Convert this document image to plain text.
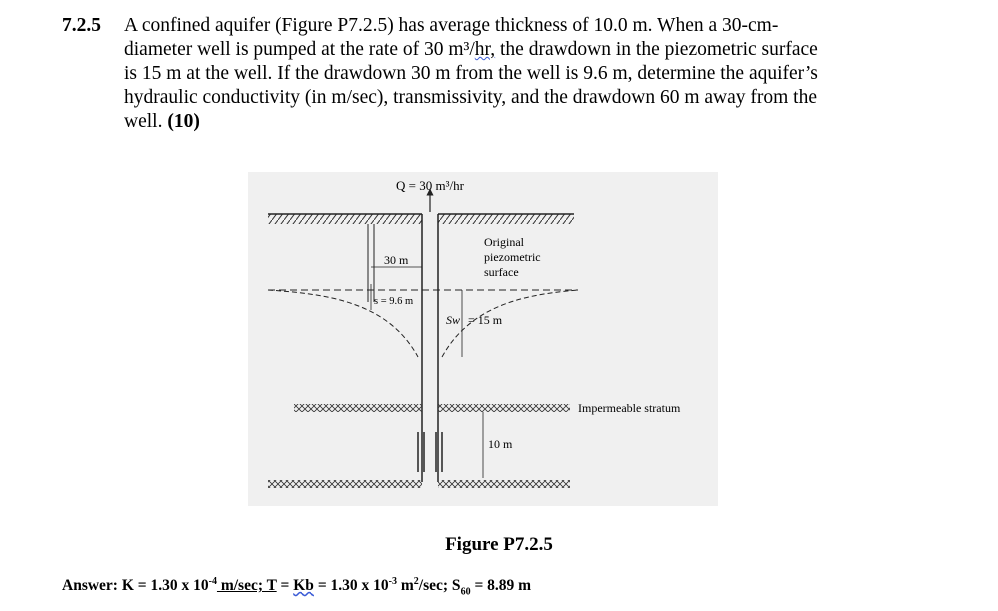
7.2.5 A confined aquifer (Figure P7.2.5) has average thickness of 10.0 m. When a 30-cm-
diameter well is pumped at the rate of 30 m³/hr, the drawdown in the piezometric surface
is 15 m at the well. If the drawdown 30 m from the well is 9.6 m, determine the aquifer’s
hydraulic conductivity (in m/sec), transmissivity, and the drawdown 60 m away from the
well. (10)
Q = 30 m³/hr
Original
piezometric
surface
30 m
s = 9.6 m
Sw = 15 m
Impermeable stratum
10 m
Figure P7.2.5
Answer: K = 1.30 x $10^{-4}$ m/sec; T = Kb = 1.30 x $10^{-3}$ $m^2/\sec$; $S_{60} = 8.89$ m
